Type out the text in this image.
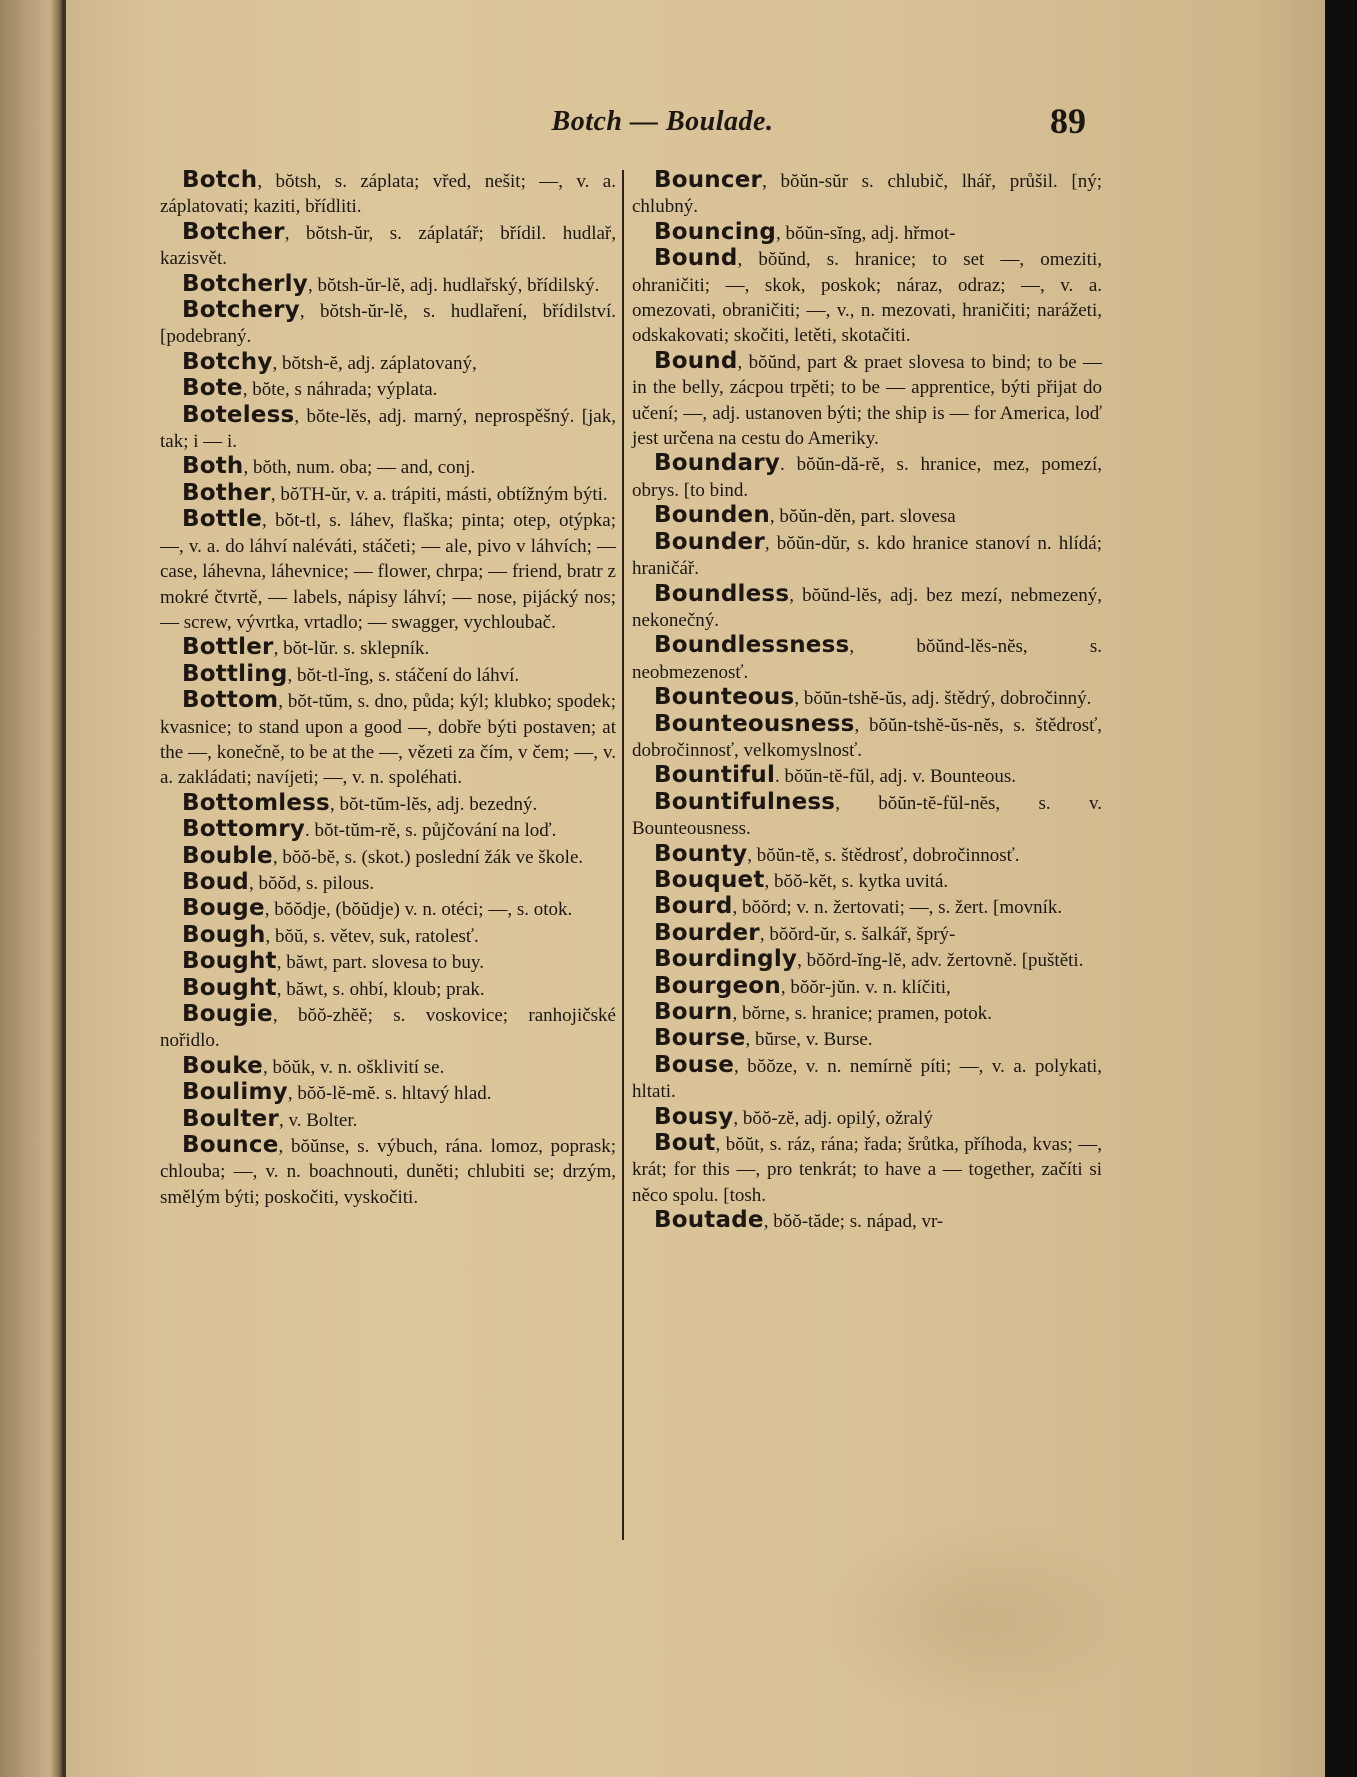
Botch — Boulade.	89

Botch, bŏtsh, s. záplata; vřed, nešit; —, v. a. záplatovati; kaziti, břídliti.

Botcher, bŏtsh-ŭr, s. záplatář; břídil. hudlař, kazisvět.

Botcherly, bŏtsh-ŭr-lĕ, adj. hudlařský, břídilský.

Botchery, bŏtsh-ŭr-lĕ, s. hudlaření, břídilství. [podebraný.

Botchy, bŏtsh-ĕ, adj. záplatovaný,

Bote, bŏte, s náhrada; výplata.

Boteless, bŏte-lĕs, adj. marný, neprospěšný. [jak, tak; i — i.

Both, bŏth, num. oba; — and, conj.

Bother, bŏTH-ŭr, v. a. trápiti, másti, obtížným býti.

Bottle, bŏt-tl, s. láhev, flaška; pinta; otep, otýpka; —, v. a. do láhví naléváti, stáčeti; — ale, pivo v láhvích; — case, láhevna, láhevnice; — flower, chrpa; — friend, bratr z mokré čtvrtě, — labels, nápisy láhví; — nose, pijácký nos; — screw, vývrtka, vrtadlo; — swagger, vychloubač.

Bottler, bŏt-lŭr. s. sklepník.

Bottling, bŏt-tl-ĭng, s. stáčení do láhví.

Bottom, bŏt-tŭm, s. dno, půda; kýl; klubko; spodek; kvasnice; to stand upon a good —, dobře býti postaven; at the —, konečně, to be at the —, vězeti za čím, v čem; —, v. a. zakládati; navíjeti; —, v. n. spoléhati.

Bottomless, bŏt-tŭm-lĕs, adj. bezedný.

Bottomry. bŏt-tŭm-rĕ, s. půjčování na loď.

Bouble, bŏŏ-bĕ, s. (skot.) poslední žák ve škole.

Boud, bŏŏd, s. pilous.

Bouge, bŏŏdje, (bŏŭdje) v. n. otéci; —, s. otok.

Bough, bŏŭ, s. větev, suk, ratolesť.

Bought, băwt, part. slovesa to buy.

Bought, băwt, s. ohbí, kloub; prak.

Bougie, bŏŏ-zhĕĕ; s. voskovice; ranhojičské nořidlo.

Bouke, bŏŭk, v. n. ošklivití se.

Boulimy, bŏŏ-lĕ-mĕ. s. hltavý hlad.

Boulter, v. Bolter.

Bounce, bŏŭnse, s. výbuch, rána. lomoz, poprask; chlouba; —, v. n. boachnouti, duněti; chlubiti se; drzým, smělým býti; poskočiti, vyskočiti.

Bouncer, bŏŭn-sŭr s. chlubič, lhář, průšil. [ný; chlubný.

Bouncing, bŏŭn-sĭng, adj. hřmot-

Bound, bŏŭnd, s. hranice; to set —, omeziti, ohraničiti; —, skok, poskok; náraz, odraz; —, v. a. omezovati, obraničiti; —, v., n. mezovati, hraničiti; narážeti, odskakovati; skočiti, letěti, skotačiti.

Bound, bŏŭnd, part & praet slovesa to bind; to be — in the belly, zácpou trpěti; to be — apprentice, býti přijat do učení; —, adj. ustanoven býti; the ship is — for America, loď jest určena na cestu do Ameriky.

Boundary. bŏŭn-dă-rĕ, s. hranice, mez, pomezí, obrys. [to bind.

Bounden, bŏŭn-dĕn, part. slovesa

Bounder, bŏŭn-dŭr, s. kdo hranice stanoví n. hlídá; hraničář.

Boundless, bŏŭnd-lĕs, adj. bez mezí, nebmezený, nekonečný.

Boundlessness, bŏŭnd-lĕs-nĕs, s. neobmezenosť.

Bounteous, bŏŭn-tshĕ-ŭs, adj. štědrý, dobročinný.

Bounteousness, bŏŭn-tshĕ-ŭs-nĕs, s. štědrosť, dobročinnosť, velkomyslnosť.

Bountiful. bŏŭn-tĕ-fŭl, adj. v. Bounteous.

Bountifulness, bŏŭn-tĕ-fŭl-nĕs, s. v. Bounteousness.

Bounty, bŏŭn-tĕ, s. štědrosť, dobročinnosť.

Bouquet, bŏŏ-kĕt, s. kytka uvitá.

Bourd, bŏŏrd; v. n. žertovati; —, s. žert. [movník.

Bourder, bŏŏrd-ŭr, s. šalkář, šprý-

Bourdingly, bŏŏrd-ĭng-lĕ, adv. žertovně. [puštěti.

Bourgeon, bŏŏr-jŭn. v. n. klíčiti,

Bourn, bŏrne, s. hranice; pramen, potok.

Bourse, bŭrse, v. Burse.

Bouse, bŏŏze, v. n. nemírně píti; —, v. a. polykati, hltati.

Bousy, bŏŏ-zĕ, adj. opilý, ožralý

Bout, bŏŭt, s. ráz, rána; řada; šrůtka, příhoda, kvas; —, krát; for this —, pro tenkrát; to have a — together, začíti si něco spolu. [tosh.

Boutade, bŏŏ-tăde; s. nápad, vr-
